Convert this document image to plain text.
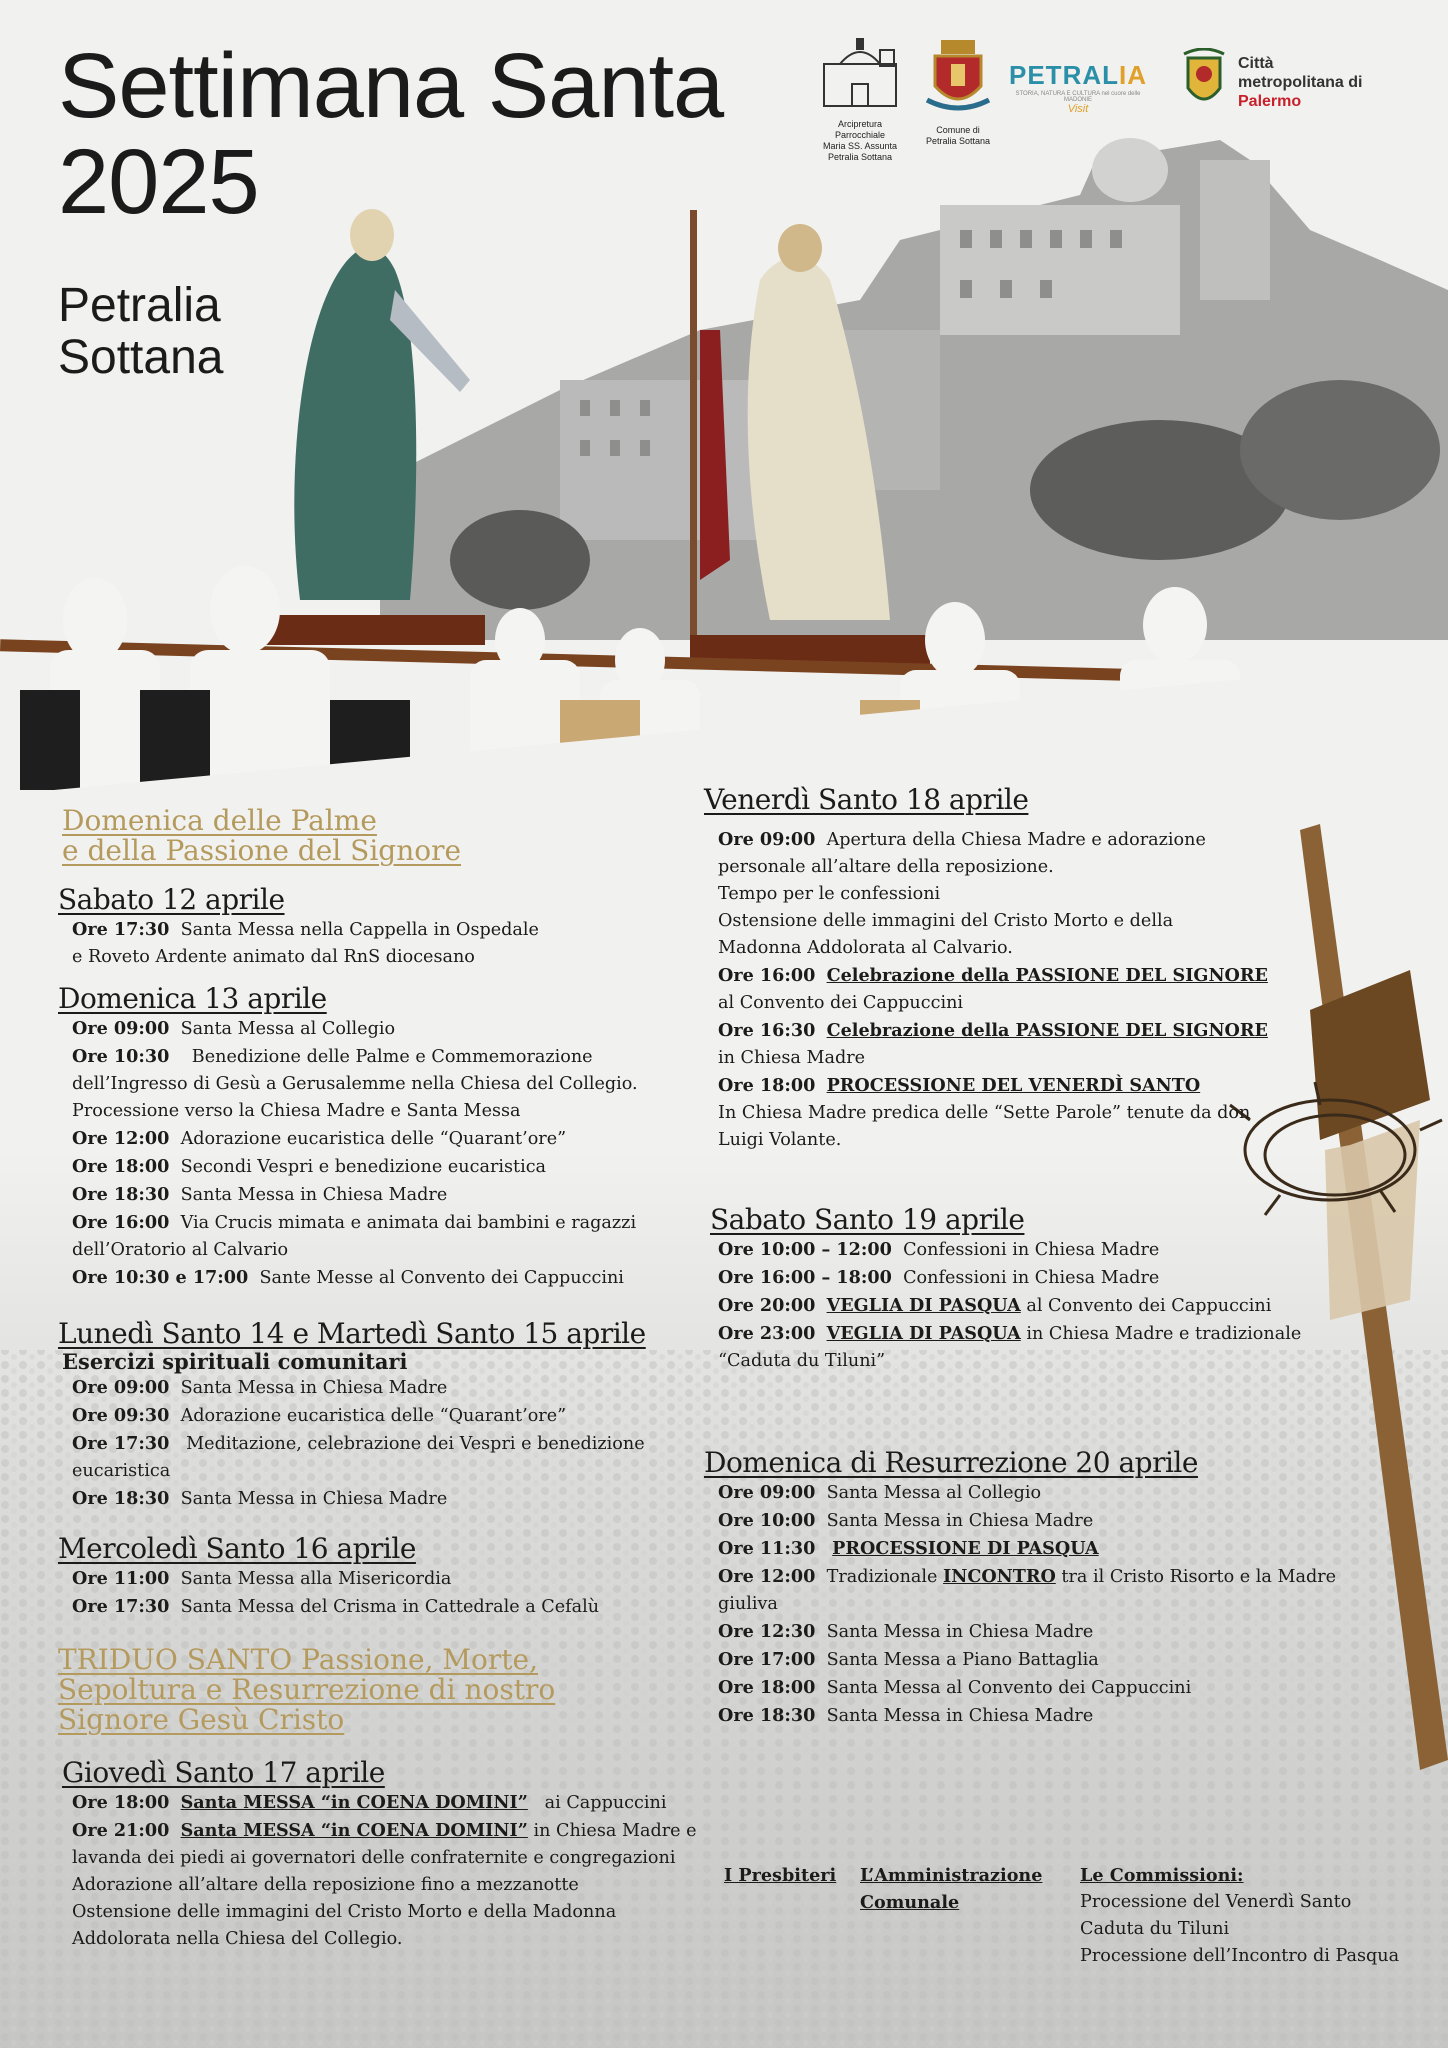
Settimana Santa
2025
Petralia
Sottana
Arcipretura
Parrocchiale
Maria SS. Assunta
Petralia Sottana
Comune di
Petralia Sottana
PETRALIA
STORIA, NATURA E CULTURA nel cuore delle MADONIE
Visit
Città
metropolitana di
Palermo
Domenica delle Palme
e della Passione del Signore
Sabato 12 aprile
Ore 17:30 Santa Messa nella Cappella in Ospedale
e Roveto Ardente animato dal RnS diocesano
Domenica 13 aprile
Ore 09:00 Santa Messa al Collegio
Ore 10:30 Benedizione delle Palme e Commemorazione
dell’Ingresso di Gesù a Gerusalemme nella Chiesa del Collegio.
Processione verso la Chiesa Madre e Santa Messa
Ore 12:00 Adorazione eucaristica delle “Quarant’ore”
Ore 18:00 Secondi Vespri e benedizione eucaristica
Ore 18:30 Santa Messa in Chiesa Madre
Ore 16:00 Via Crucis mimata e animata dai bambini e ragazzi
dell’Oratorio al Calvario
Ore 10:30 e 17:00 Sante Messe al Convento dei Cappuccini
Lunedì Santo 14 e Martedì Santo 15 aprile
Esercizi spirituali comunitari
Ore 09:00 Santa Messa in Chiesa Madre
Ore 09:30 Adorazione eucaristica delle “Quarant’ore”
Ore 17:30 Meditazione, celebrazione dei Vespri e benedizione
eucaristica
Ore 18:30 Santa Messa in Chiesa Madre
Mercoledì Santo 16 aprile
Ore 11:00 Santa Messa alla Misericordia
Ore 17:30 Santa Messa del Crisma in Cattedrale a Cefalù
TRIDUO SANTO Passione, Morte,
Sepoltura e Resurrezione di nostro
Signore Gesù Cristo
Giovedì Santo 17 aprile
Ore 18:00 Santa MESSA “in COENA DOMINI” ai Cappuccini
Ore 21:00 Santa MESSA “in COENA DOMINI” in Chiesa Madre e
lavanda dei piedi ai governatori delle confraternite e congregazioni
Adorazione all’altare della reposizione fino a mezzanotte
Ostensione delle immagini del Cristo Morto e della Madonna
Addolorata nella Chiesa del Collegio.
Venerdì Santo 18 aprile
Ore 09:00 Apertura della Chiesa Madre e adorazione
personale all’altare della reposizione.
Tempo per le confessioni
Ostensione delle immagini del Cristo Morto e della
Madonna Addolorata al Calvario.
Ore 16:00 Celebrazione della PASSIONE DEL SIGNORE
al Convento dei Cappuccini
Ore 16:30 Celebrazione della PASSIONE DEL SIGNORE
in Chiesa Madre
Ore 18:00 PROCESSIONE DEL VENERDÌ SANTO
In Chiesa Madre predica delle “Sette Parole” tenute da don
Luigi Volante.
Sabato Santo 19 aprile
Ore 10:00 – 12:00 Confessioni in Chiesa Madre
Ore 16:00 – 18:00 Confessioni in Chiesa Madre
Ore 20:00 VEGLIA DI PASQUA al Convento dei Cappuccini
Ore 23:00 VEGLIA DI PASQUA in Chiesa Madre e tradizionale
“Caduta du Tiluni”
Domenica di Resurrezione 20 aprile
Ore 09:00 Santa Messa al Collegio
Ore 10:00 Santa Messa in Chiesa Madre
Ore 11:30 PROCESSIONE DI PASQUA
Ore 12:00 Tradizionale INCONTRO tra il Cristo Risorto e la Madre
giuliva
Ore 12:30 Santa Messa in Chiesa Madre
Ore 17:00 Santa Messa a Piano Battaglia
Ore 18:00 Santa Messa al Convento dei Cappuccini
Ore 18:30 Santa Messa in Chiesa Madre
I Presbiteri L’Amministrazione
Comunale
Le Commissioni:
Processione del Venerdì Santo
Caduta du Tiluni
Processione dell’Incontro di Pasqua
